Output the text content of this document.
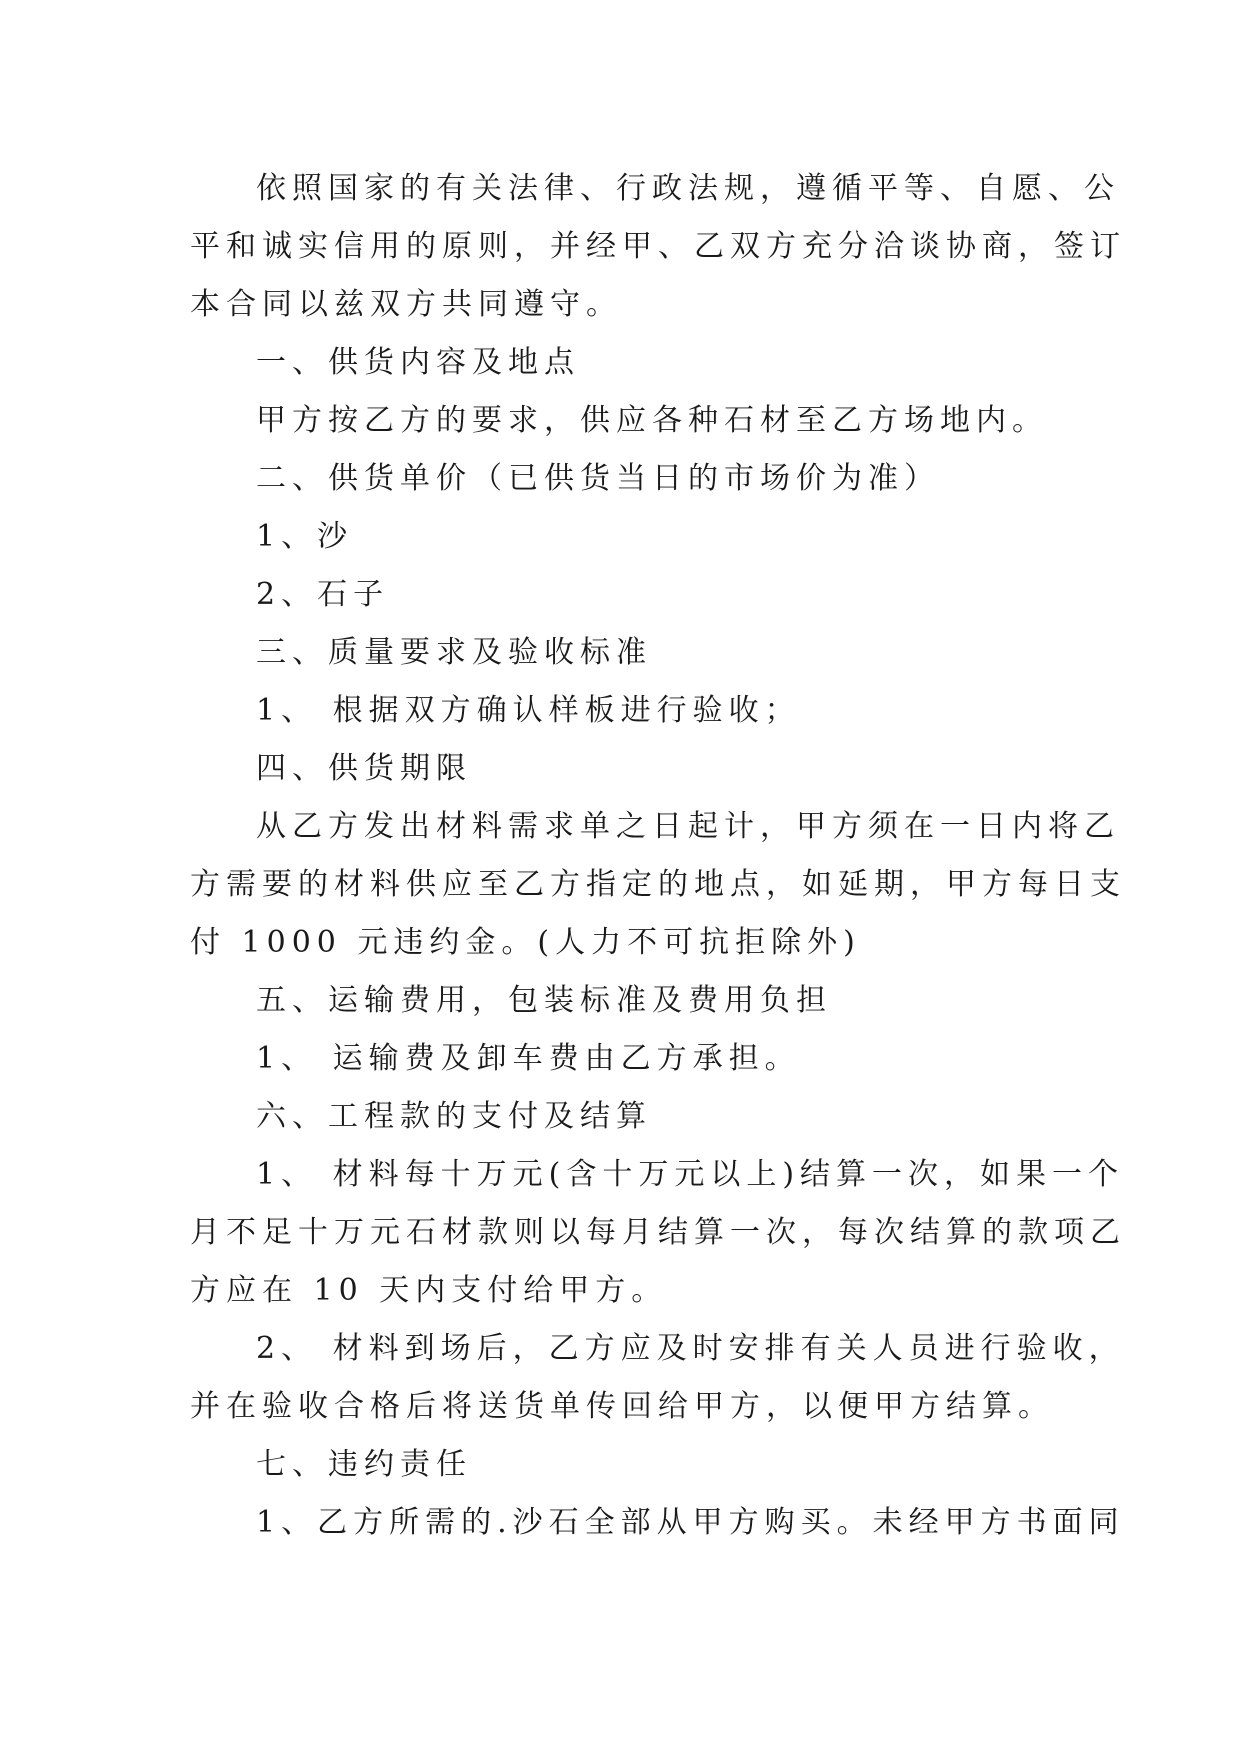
依照国家的有关法律、行政法规，遵循平等、自愿、公
平和诚实信用的原则，并经甲、乙双方充分洽谈协商，签订
本合同以兹双方共同遵守。

一、供货内容及地点

甲方按乙方的要求，供应各种石材至乙方场地内。

二、供货单价（已供货当日的市场价为准）

1、沙

2、石子

三、质量要求及验收标准

1、 根据双方确认样板进行验收；

四、供货期限

从乙方发出材料需求单之日起计，甲方须在一日内将乙
方需要的材料供应至乙方指定的地点，如延期，甲方每日支
付 1000 元违约金。(人力不可抗拒除外)

五、运输费用，包装标准及费用负担

1、 运输费及卸车费由乙方承担。

六、工程款的支付及结算

1、 材料每十万元(含十万元以上)结算一次，如果一个
月不足十万元石材款则以每月结算一次，每次结算的款项乙
方应在 10 天内支付给甲方。

2、 材料到场后，乙方应及时安排有关人员进行验收，
并在验收合格后将送货单传回给甲方，以便甲方结算。

七、违约责任

1、乙方所需的.沙石全部从甲方购买。未经甲方书面同
